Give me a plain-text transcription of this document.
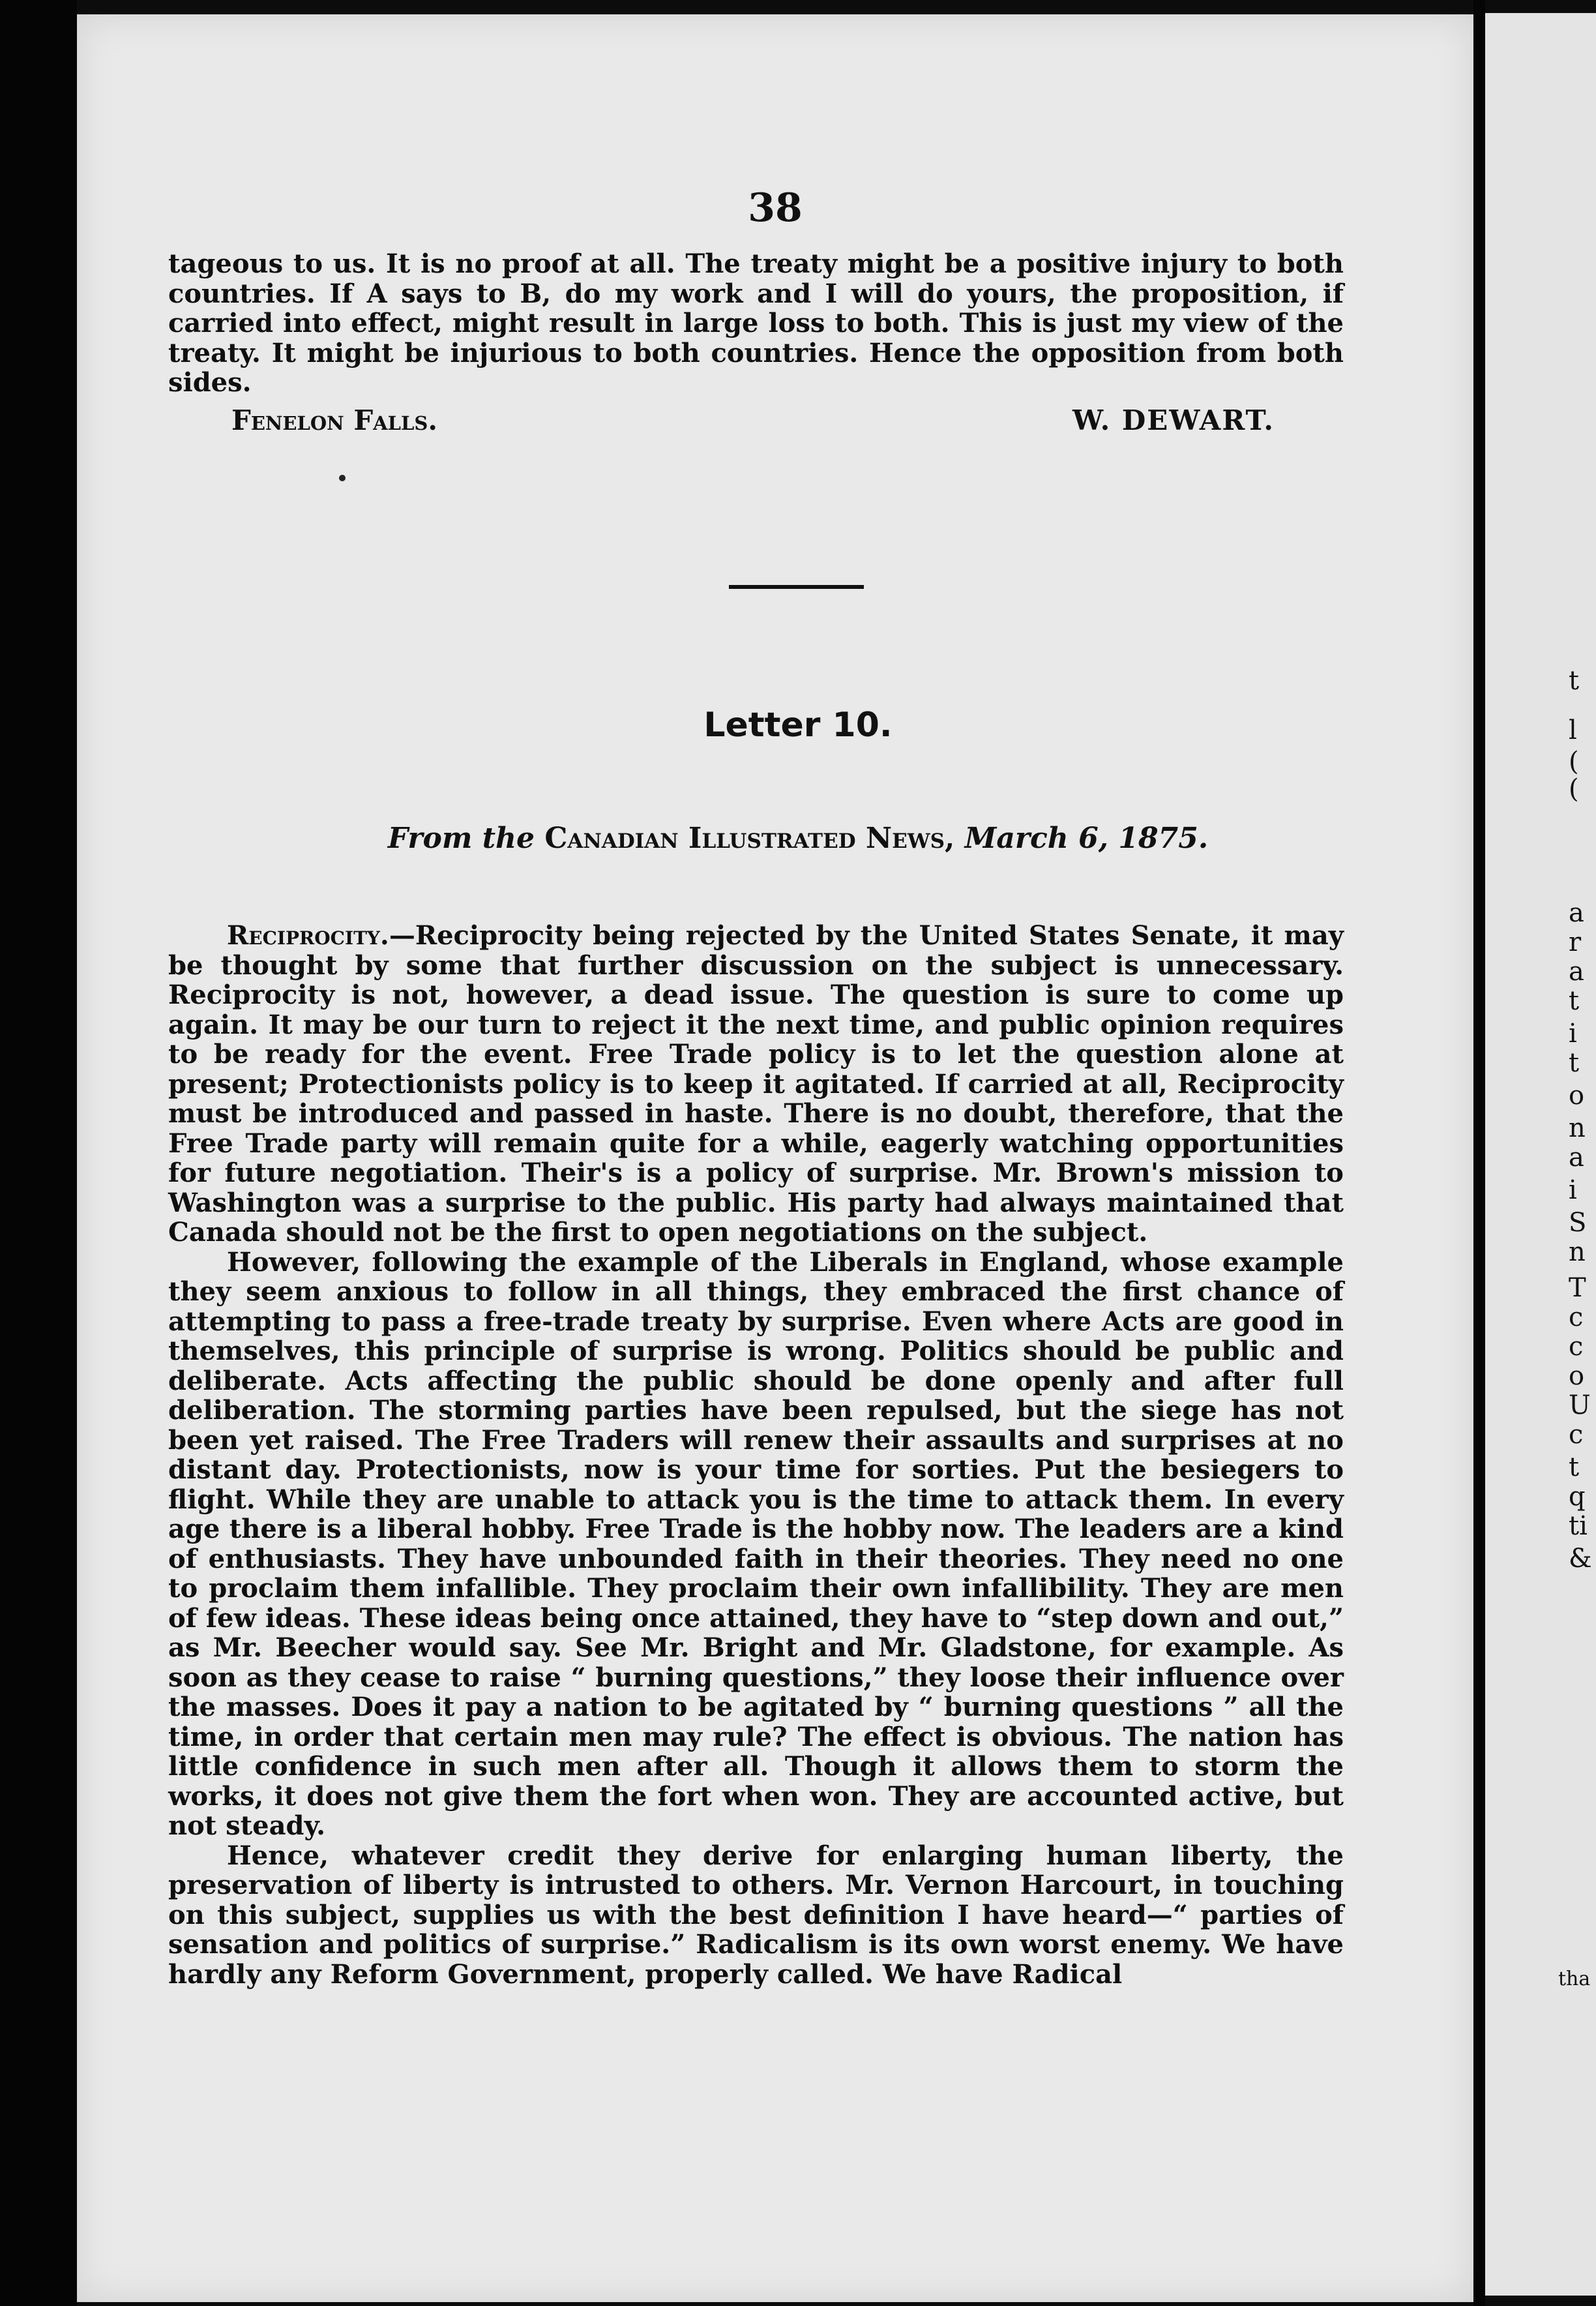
38

tageous to us. It is no proof at all. The treaty might be a positive injury to both countries. If A says to B, do my work and I will do yours, the proposition, if carried into effect, might result in large loss to both. This is just my view of the treaty. It might be injurious to both countries. Hence the opposition from both sides.

Fenelon Falls.	W. DEWART.
Letter 10.
From the Canadian Illustrated News, March 6, 1875.

Reciprocity.—Reciprocity being rejected by the United States Senate, it may be thought by some that further discussion on the subject is unnecessary. Reciprocity is not, however, a dead issue. The question is sure to come up again. It may be our turn to reject it the next time, and public opinion requires to be ready for the event. Free Trade policy is to let the question alone at present; Protectionists policy is to keep it agitated. If carried at all, Reciprocity must be introduced and passed in haste. There is no doubt, therefore, that the Free Trade party will remain quite for a while, eagerly watching opportunities for future negotiation. Their's is a policy of surprise. Mr. Brown's mission to Washington was a surprise to the public. His party had always maintained that Canada should not be the first to open negotiations on the subject.

However, following the example of the Liberals in England, whose example they seem anxious to follow in all things, they embraced the first chance of attempting to pass a free-trade treaty by surprise. Even where Acts are good in themselves, this principle of surprise is wrong. Politics should be public and deliberate. Acts affecting the public should be done openly and after full deliberation. The storming parties have been repulsed, but the siege has not been yet raised. The Free Traders will renew their assaults and surprises at no distant day. Protectionists, now is your time for sorties. Put the besiegers to flight. While they are unable to attack you is the time to attack them. In every age there is a liberal hobby. Free Trade is the hobby now. The leaders are a kind of enthusiasts. They have unbounded faith in their theories. They need no one to proclaim them infallible. They proclaim their own infallibility. They are men of few ideas. These ideas being once attained, they have to “step down and out,” as Mr. Beecher would say. See Mr. Bright and Mr. Gladstone, for example. As soon as they cease to raise “ burning questions,” they loose their influence over the masses. Does it pay a nation to be agitated by “ burning questions ” all the time, in order that certain men may rule? The effect is obvious. The nation has little confidence in such men after all. Though it allows them to storm the works, it does not give them the fort when won. They are accounted active, but not steady.

Hence, whatever credit they derive for enlarging human liberty, the preservation of liberty is intrusted to others. Mr. Vernon Harcourt, in touching on this subject, supplies us with the best definition I have heard—“ parties of sensation and politics of surprise.” Radicalism is its own worst enemy. We have hardly any Reform Government, properly called. We have Radical

t
l
(
(
a
r
a
t
i
t
o
n
a
i
S
n
T
c
c
o
U
c
t
q
ti
&
tha
